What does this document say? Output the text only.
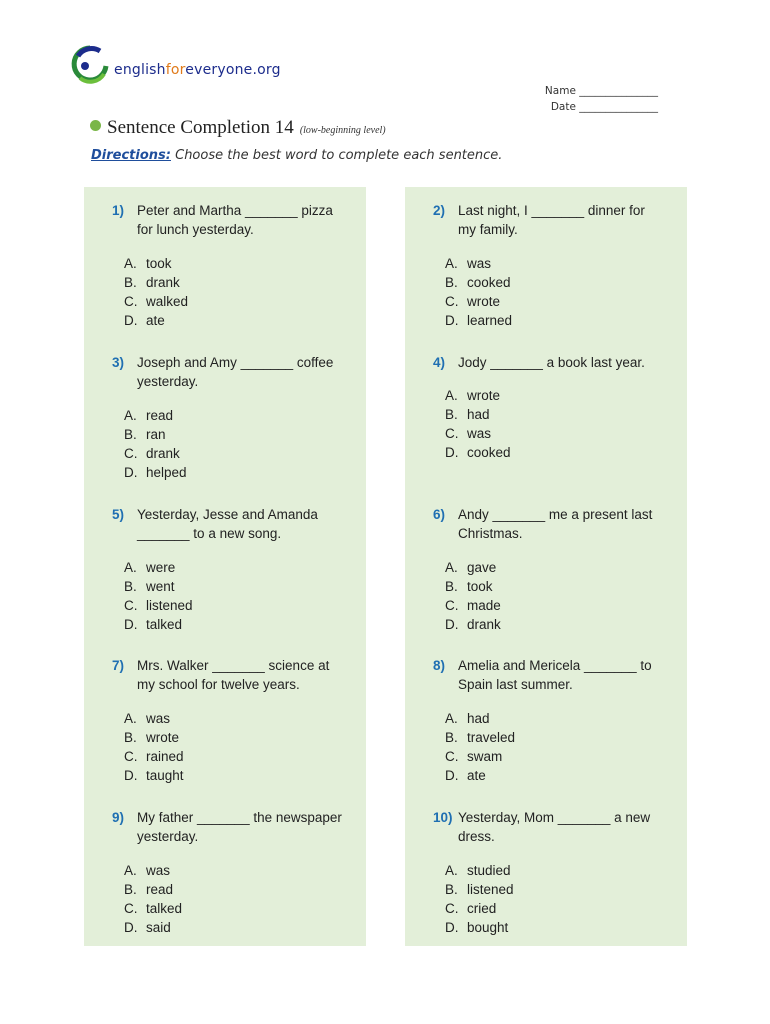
englishforeveryone.org
Name _______________
Date _______________
Sentence Completion 14 (low-beginning level)
Directions: Choose the best word to complete each sentence.
1) Peter and Martha _______ pizza for lunch yesterday.
A. took
B. drank
C. walked
D. ate
2) Last night, I _______ dinner for my family.
A. was
B. cooked
C. wrote
D. learned
3) Joseph and Amy _______ coffee yesterday.
A. read
B. ran
C. drank
D. helped
4) Jody _______ a book last year.
A. wrote
B. had
C. was
D. cooked
5) Yesterday, Jesse and Amanda _______ to a new song.
A. were
B. went
C. listened
D. talked
6) Andy _______ me a present last Christmas.
A. gave
B. took
C. made
D. drank
7) Mrs. Walker _______ science at my school for twelve years.
A. was
B. wrote
C. rained
D. taught
8) Amelia and Mericela _______ to Spain last summer.
A. had
B. traveled
C. swam
D. ate
9) My father _______ the newspaper yesterday.
A. was
B. read
C. talked
D. said
10) Yesterday, Mom _______ a new dress.
A. studied
B. listened
C. cried
D. bought
